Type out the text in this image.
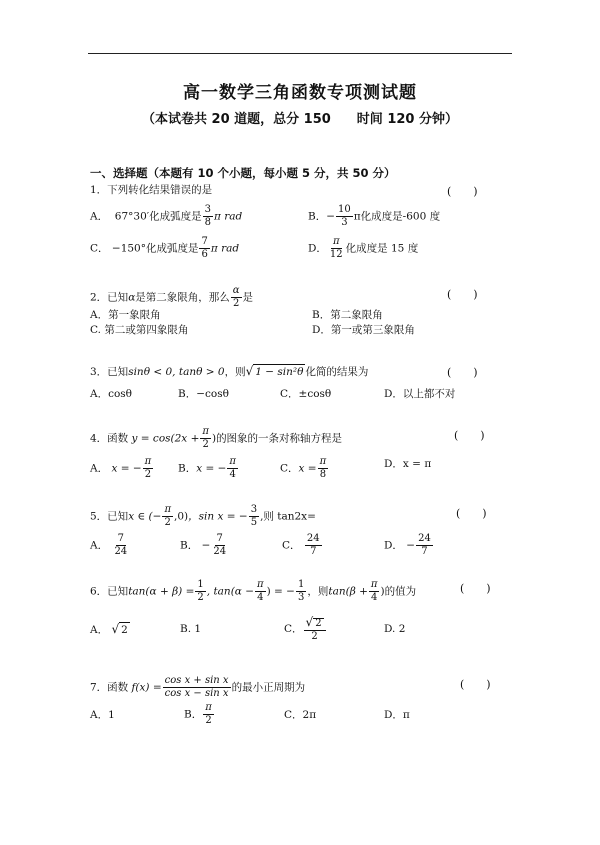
高一数学三角函数专项测试题
（本试卷共 20 道题，总分 150　　时间 120 分钟）
一、选择题（本题有 10 个小题，每小题 5 分，共 50 分）
1．下列转化结果错误的是	(　　)
A． 67°30′化成弧度是 $\frac{3}{8}$ π rad	B．− $\frac{10}{3}$ π化成度是-600 度
C． −150°化成弧度是 $\frac{7}{6}$ π rad	D． $\frac{\pi}{12}$ 化成度是 15 度
2．已知α是第二象限角，那么 $\frac{\alpha}{2}$ 是	(　　)
A．第一象限角	B．第二象限角
C. 第二或第四象限角	D．第一或第三象限角
3．已知sinθ < 0, tanθ > 0，则√ 1 − sin²θ 化简的结果为	(　　)
A．cosθ	B．−cosθ	C．±cosθ	D．以上都不对
4．函数 $y = \cos(2x + \frac{\pi}{2}$ )的图象的一条对称轴方程是	(　　)
A． x = − $\frac{\pi}{2}$ B．x = − $\frac{\pi}{4}$	C．$x = \frac{\pi}{8}$	D．x = π
5．已知x ∈ (− $\frac{\pi}{2} ,0$)，sin x = − $\frac{3}{5}$ ,则 tan2x=	(　　)
A． $\frac{7}{24}$	B． − $\frac{7}{24}$	C． $\frac{24}{7}$	D． − $\frac{24}{7}$
6．已知$\tan(\alpha + \beta) = \frac{1}{2}$ , $\tan(\alpha - \frac{\pi}{4}$ ) = − $\frac{1}{3}$ ，则$\tan(\beta + \frac{\pi}{4}$ )的值为	(　　)
A． √ 2	B. 1	C． $\frac{√ 2}{2}$	D. 2
7．函数 $f(x) = \frac{\text{cos x + sin x}}{\text{cos x − sin x}}$ 的最小正周期为	(　　)
A．1	B． $\frac{\pi}{2}$	C．2π	D．π
